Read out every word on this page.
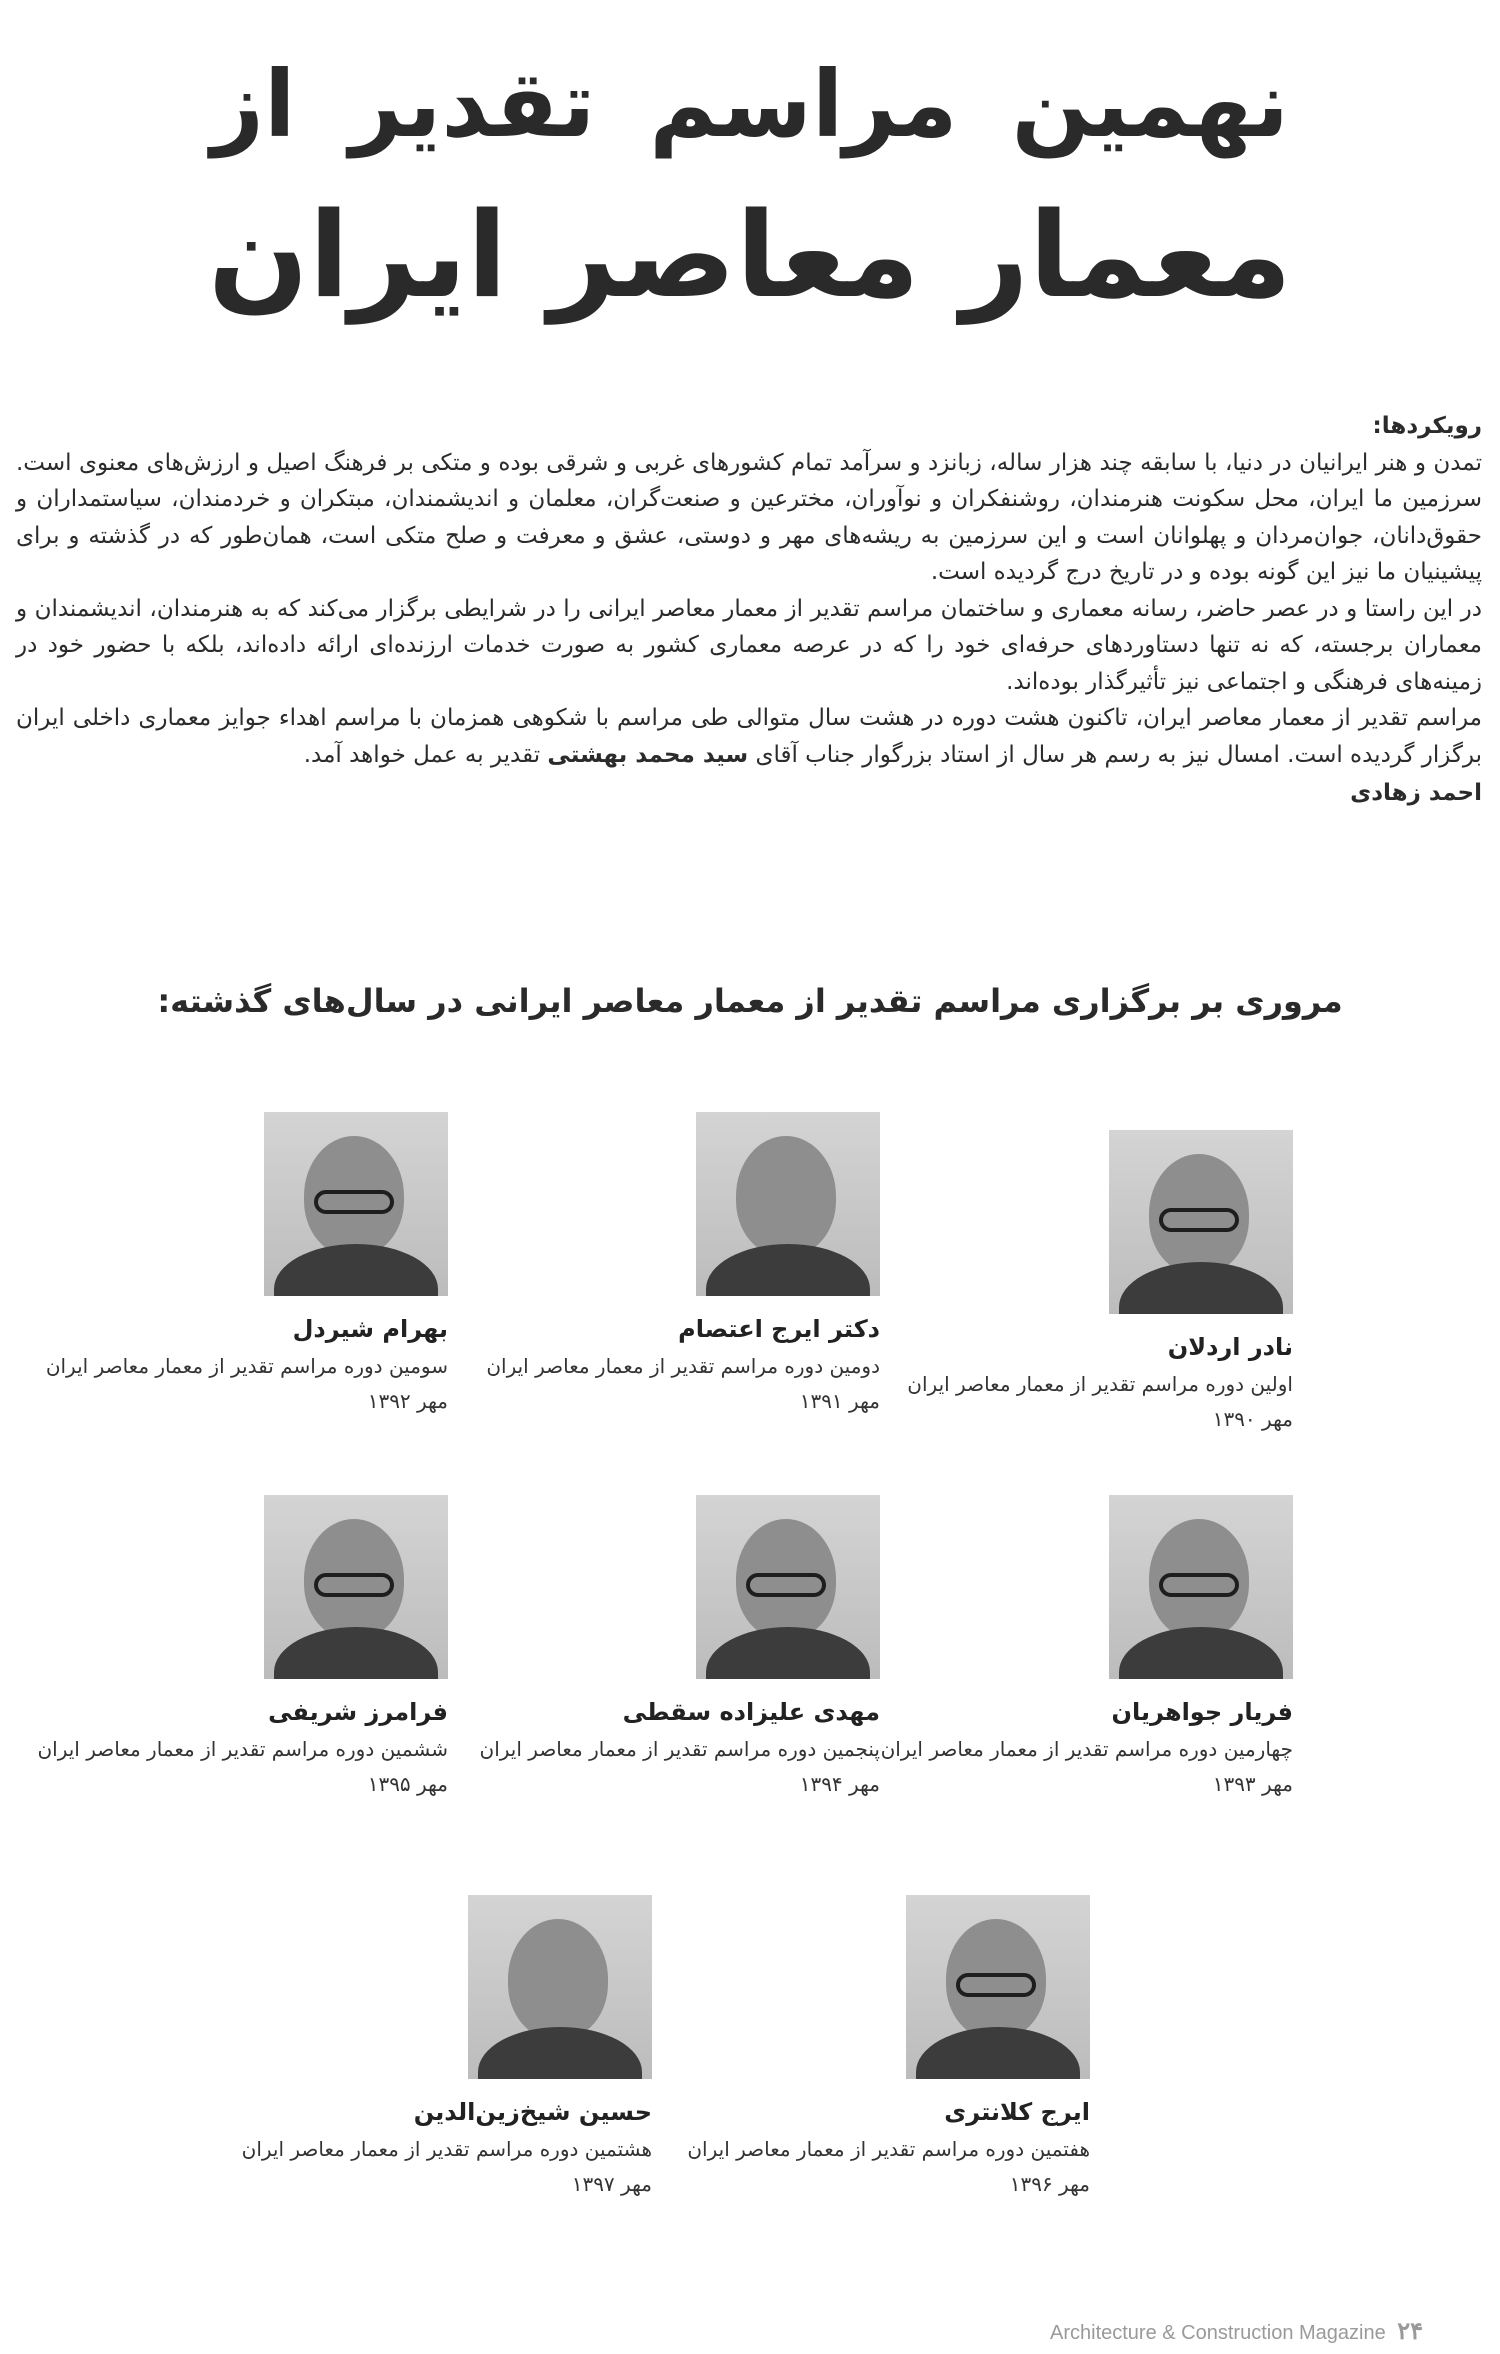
نهمین مراسم تقدیر از
معمار معاصر ایران

رویکردها:

تمدن و هنر ایرانیان در دنیا، با سابقه چند هزار ساله، زبانزد و سرآمد تمام کشورهای غربی و شرقی بوده و متکی بر فرهنگ اصیل و ارزش‌های معنوی است. سرزمین ما ایران، محل سکونت هنرمندان، روشنفکران و نوآوران، مخترعین و صنعت‌گران، معلمان و اندیشمندان، مبتکران و خردمندان، سیاستمداران و حقوق‌دانان، جوان‌مردان و پهلوانان است و این سرزمین به ریشه‌های مهر و دوستی، عشق و معرفت و صلح متکی است، همان‌طور که در گذشته و برای پیشینیان ما نیز این گونه بوده و در تاریخ درج گردیده است.

در این راستا و در عصر حاضر، رسانه معماری و ساختمان مراسم تقدیر از معمار معاصر ایرانی را در شرایطی برگزار می‌کند که به هنرمندان، اندیشمندان و معماران برجسته، که نه تنها دستاوردهای حرفه‌ای خود را که در عرصه معماری کشور به صورت خدمات ارزنده‌ای ارائه داده‌اند، بلکه با حضور خود در زمینه‌های فرهنگی و اجتماعی نیز تأثیرگذار بوده‌اند.

مراسم تقدیر از معمار معاصر ایران، تاکنون هشت دوره در هشت سال متوالی طی مراسم با شکوهی همزمان با مراسم اهداء جوایز معماری داخلی ایران برگزار گردیده است. امسال نیز به رسم هر سال از استاد بزرگوار جناب آقای سید محمد بهشتی تقدیر به عمل خواهد آمد.

احمد زهادی

مروری بر برگزاری مراسم تقدیر از معمار معاصر ایرانی در سال‌های گذشته:
نادر اردلان
اولین دوره مراسم تقدیر از معمار معاصر ایران
مهر ۱۳۹۰
دکتر ایرج اعتصام
دومین دوره مراسم تقدیر از معمار معاصر ایران
مهر ۱۳۹۱
بهرام شیردل
سومین دوره مراسم تقدیر از معمار معاصر ایران
مهر ۱۳۹۲
فریار جواهریان
چهارمین دوره مراسم تقدیر از معمار معاصر ایران
مهر ۱۳۹۳
مهدی علیزاده سقطی
پنجمین دوره مراسم تقدیر از معمار معاصر ایران
مهر ۱۳۹۴
فرامرز شریفی
ششمین دوره مراسم تقدیر از معمار معاصر ایران
مهر ۱۳۹۵
ایرج کلانتری
هفتمین دوره مراسم تقدیر از معمار معاصر ایران
مهر ۱۳۹۶
حسین شیخ‌زین‌الدین
هشتمین دوره مراسم تقدیر از معمار معاصر ایران
مهر ۱۳۹۷
Architecture & Construction Magazine ۲۴
